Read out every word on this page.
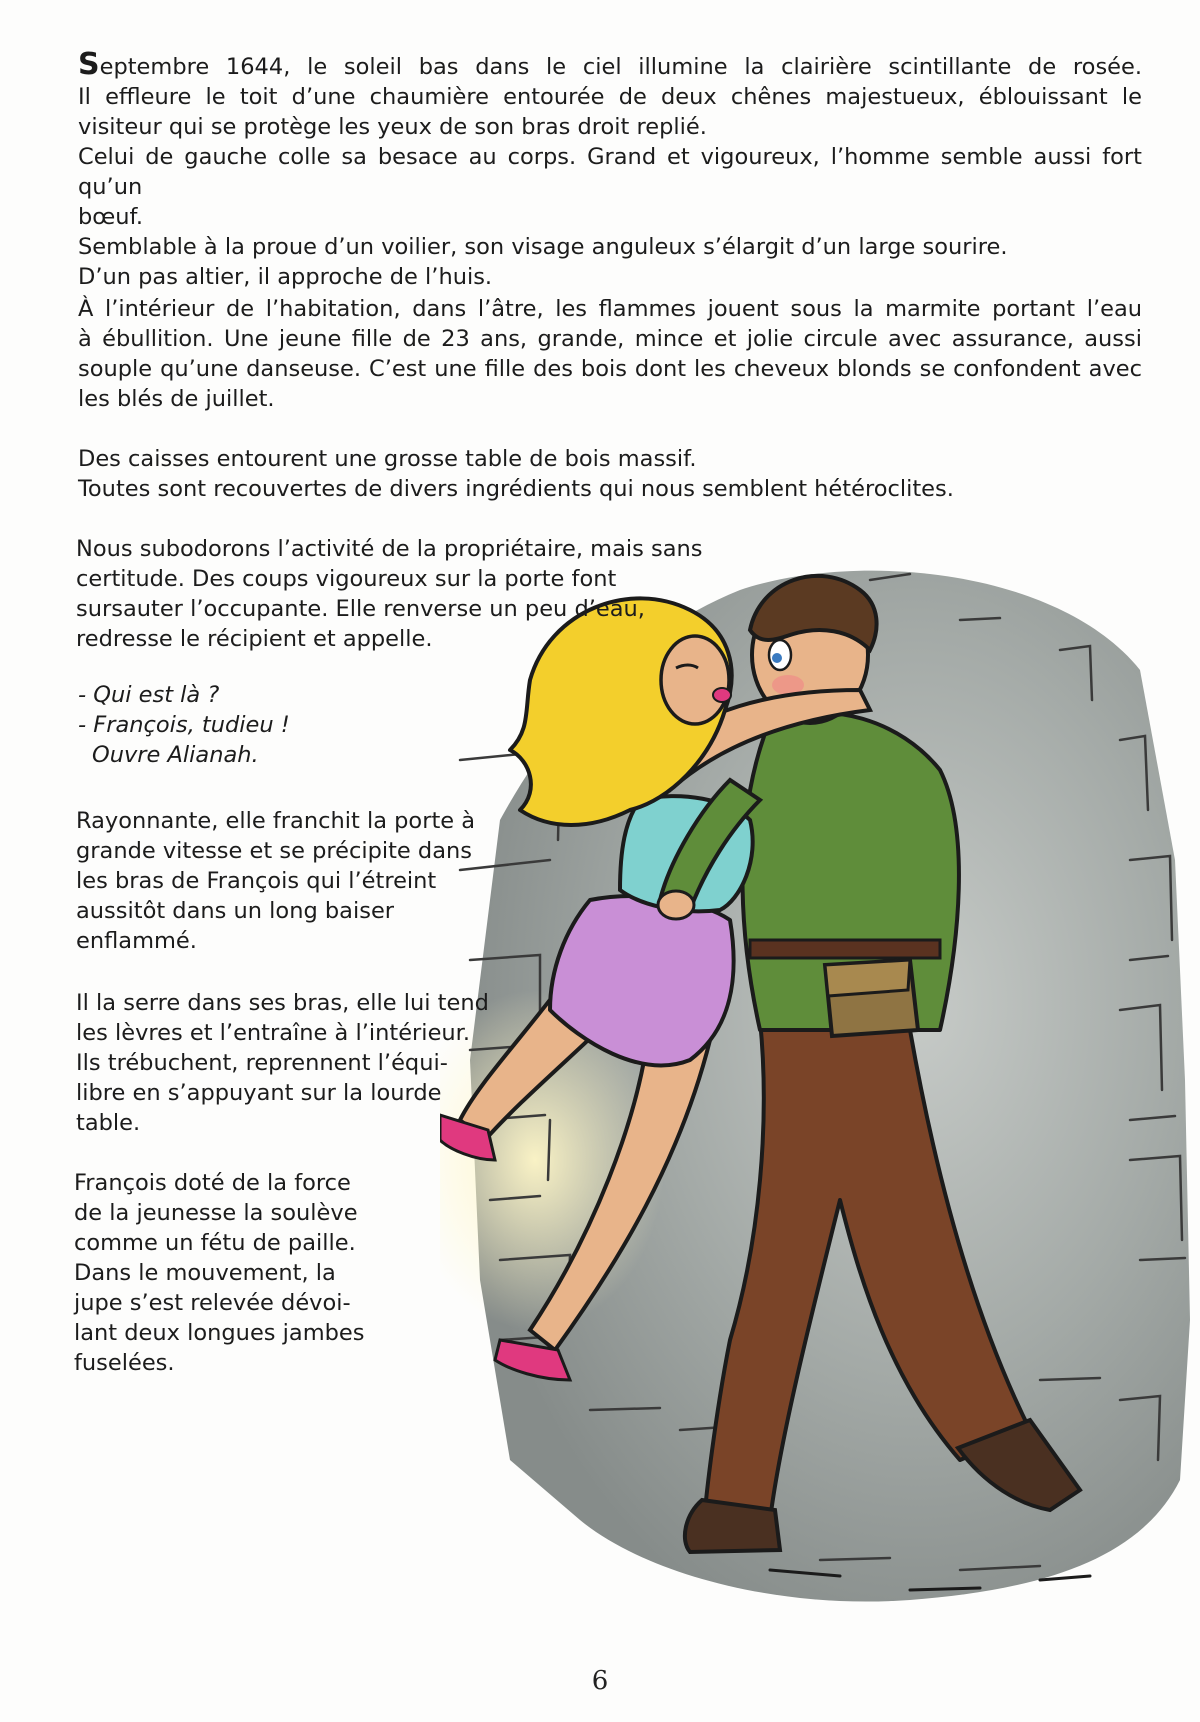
Septembre 1644, le soleil bas dans le ciel illumine la clairière scintillante de rosée.
Il effleure le toit d’une chaumière entourée de deux chênes majestueux, éblouissant le
visiteur qui se protège les yeux de son bras droit replié.
Celui de gauche colle sa besace au corps. Grand et vigoureux, l’homme semble aussi fort qu’un
bœuf.
Semblable à la proue d’un voilier, son visage anguleux s’élargit d’un large sourire.
D’un pas altier, il approche de l’huis.

À l’intérieur de l’habitation, dans l’âtre, les flammes jouent sous la marmite portant l’eau
à ébullition. Une jeune fille de 23 ans, grande, mince et jolie circule avec assurance, aussi
souple qu’une danseuse. C’est une fille des bois dont les cheveux blonds se confondent avec
les blés de juillet.

Des caisses entourent une grosse table de bois massif.
Toutes sont recouvertes de divers ingrédients qui nous semblent hétéroclites.

Nous subodorons l’activité de la propriétaire, mais sans
certitude. Des coups vigoureux sur la porte font
sursauter l’occupante. Elle renverse un peu d’eau,
redresse le récipient et appelle.

- Qui est là ?
- François, tudieu !
Ouvre Alianah.

Rayonnante, elle franchit la porte à
grande vitesse et se précipite dans
les bras de François qui l’étreint
aussitôt dans un long baiser
enflammé.

Il la serre dans ses bras, elle lui tend
les lèvres et l’entraîne à l’intérieur.
Ils trébuchent, reprennent l’équi-
libre en s’appuyant sur la lourde
table.

François doté de la force
de la jeunesse la soulève
comme un fétu de paille.
Dans le mouvement, la
jupe s’est relevée dévoi-
lant deux longues jambes
fuselées.

6
